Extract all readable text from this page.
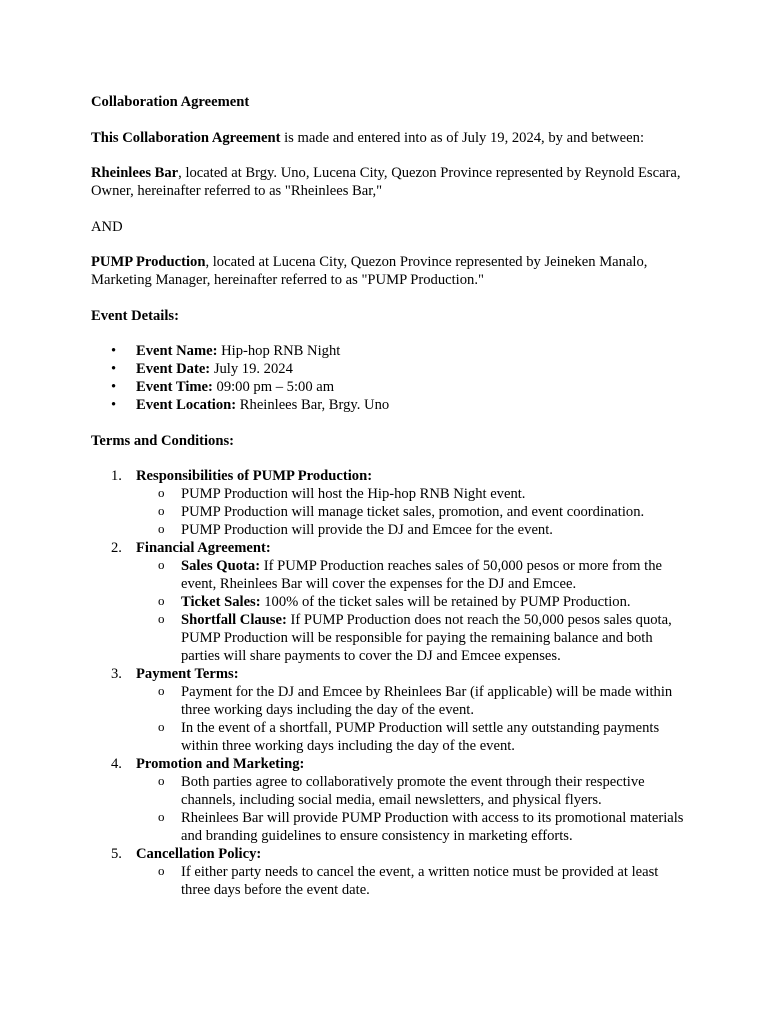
Collaboration Agreement

This Collaboration Agreement is made and entered into as of July 19, 2024, by and between:

Rheinlees Bar, located at Brgy. Uno, Lucena City, Quezon Province represented by Reynold Escara, Owner, hereinafter referred to as "Rheinlees Bar,"

AND

PUMP Production, located at Lucena City, Quezon Province represented by Jeineken Manalo, Marketing Manager, hereinafter referred to as "PUMP Production."

Event Details:

• Event Name: Hip-hop RNB Night
• Event Date: July 19. 2024
• Event Time: 09:00 pm – 5:00 am
• Event Location: Rheinlees Bar, Brgy. Uno

Terms and Conditions:

1. Responsibilities of PUMP Production:
o PUMP Production will host the Hip-hop RNB Night event.
o PUMP Production will manage ticket sales, promotion, and event coordination.
o PUMP Production will provide the DJ and Emcee for the event.
2. Financial Agreement:
o Sales Quota: If PUMP Production reaches sales of 50,000 pesos or more from the event, Rheinlees Bar will cover the expenses for the DJ and Emcee.
o Ticket Sales: 100% of the ticket sales will be retained by PUMP Production.
o Shortfall Clause: If PUMP Production does not reach the 50,000 pesos sales quota, PUMP Production will be responsible for paying the remaining balance and both parties will share payments to cover the DJ and Emcee expenses.
3. Payment Terms:
o Payment for the DJ and Emcee by Rheinlees Bar (if applicable) will be made within three working days including the day of the event.
o In the event of a shortfall, PUMP Production will settle any outstanding payments within three working days including the day of the event.
4. Promotion and Marketing:
o Both parties agree to collaboratively promote the event through their respective channels, including social media, email newsletters, and physical flyers.
o Rheinlees Bar will provide PUMP Production with access to its promotional materials and branding guidelines to ensure consistency in marketing efforts.
5. Cancellation Policy:
o If either party needs to cancel the event, a written notice must be provided at least three days before the event date.
